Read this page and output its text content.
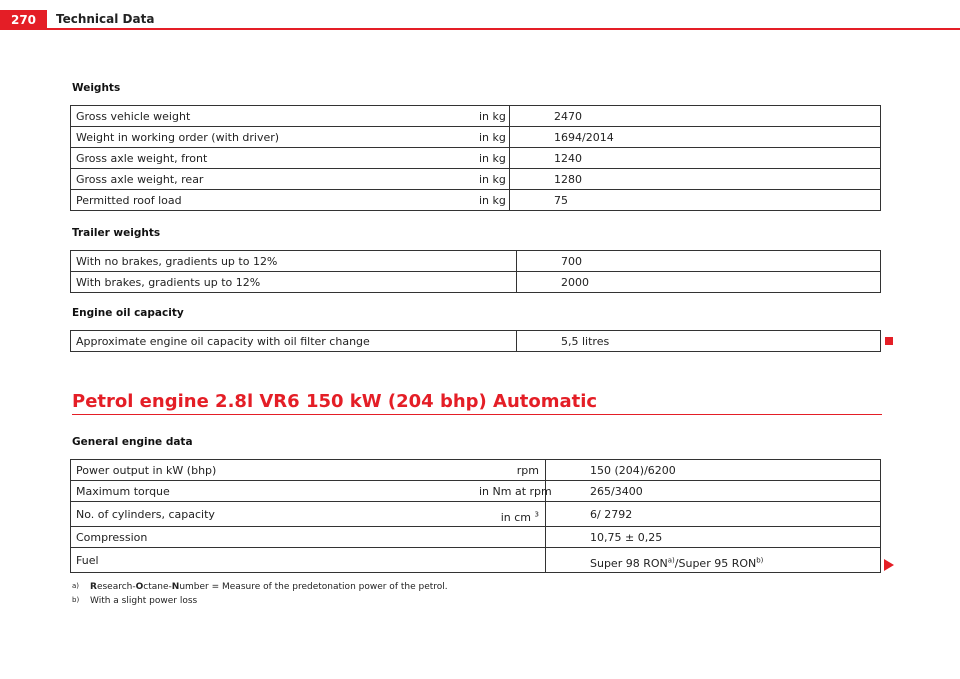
270	Technical Data
Weights
Gross vehicle weight	in kg	2470
Weight in working order (with driver)	in kg	1694/2014
Gross axle weight, front	in kg	1240
Gross axle weight, rear	in kg	1280
Permitted roof load	in kg	75
Trailer weights
With no brakes, gradients up to 12%	700
With brakes, gradients up to 12%	2000
Engine oil capacity
Approximate engine oil capacity with oil filter change	5,5 litres
Petrol engine 2.8l VR6 150 kW (204 bhp) Automatic
General engine data
Power output in kW (bhp)	rpm	150 (204)/6200
Maximum torque	in Nm at rpm	265/3400
No. of cylinders, capacity	in cm $^3$	6/ 2792
Compression		10,75 ± 0,25
Fuel		Super 98 RON$^{a)}$/Super 95 RON$^{b)}$
a) Research-Octane-Number = Measure of the predetonation power of the petrol.
b) With a slight power loss
